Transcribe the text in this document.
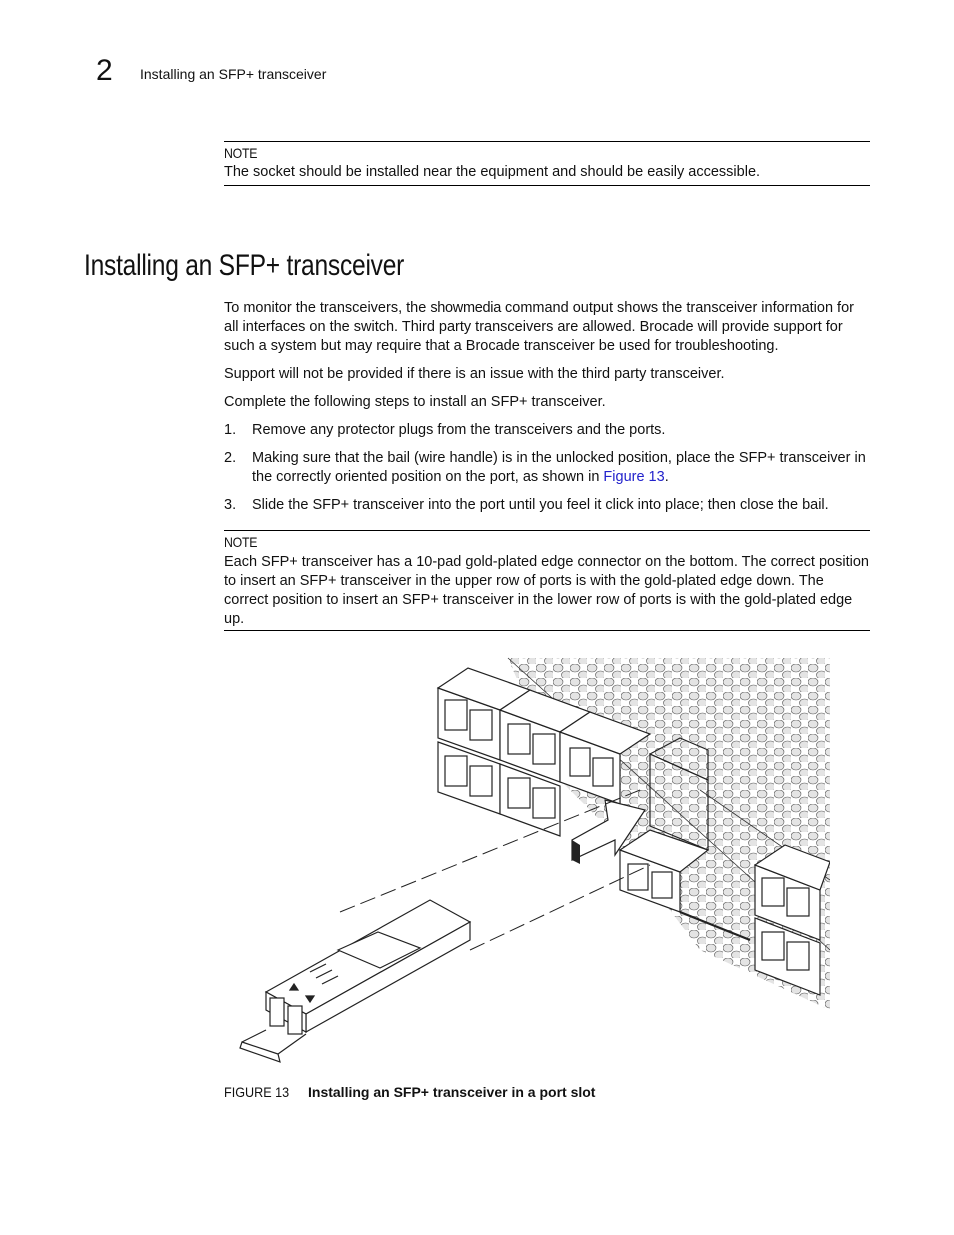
2 Installing an SFP+ transceiver
NOTE
The socket should be installed near the equipment and should be easily accessible.
Installing an SFP+ transceiver

To monitor the transceivers, the showmedia command output shows the transceiver information for all interfaces on the switch. Third party transceivers are allowed. Brocade will provide support for such a system but may require that a Brocade transceiver be used for troubleshooting.

Support will not be provided if there is an issue with the third party transceiver.
Complete the following steps to install an SFP+ transceiver.
1. Remove any protector plugs from the transceivers and the ports.
2. Making sure that the bail (wire handle) is in the unlocked position, place the SFP+ transceiver in the correctly oriented position on the port, as shown in Figure 13.
3. Slide the SFP+ transceiver into the port until you feel it click into place; then close the bail.
NOTE
Each SFP+ transceiver has a 10-pad gold-plated edge connector on the bottom. The correct position to insert an SFP+ transceiver in the upper row of ports is with the gold-plated edge down. The correct position to insert an SFP+ transceiver in the lower row of ports is with the gold-plated edge up.
FIGURE 13 Installing an SFP+ transceiver in a port slot
